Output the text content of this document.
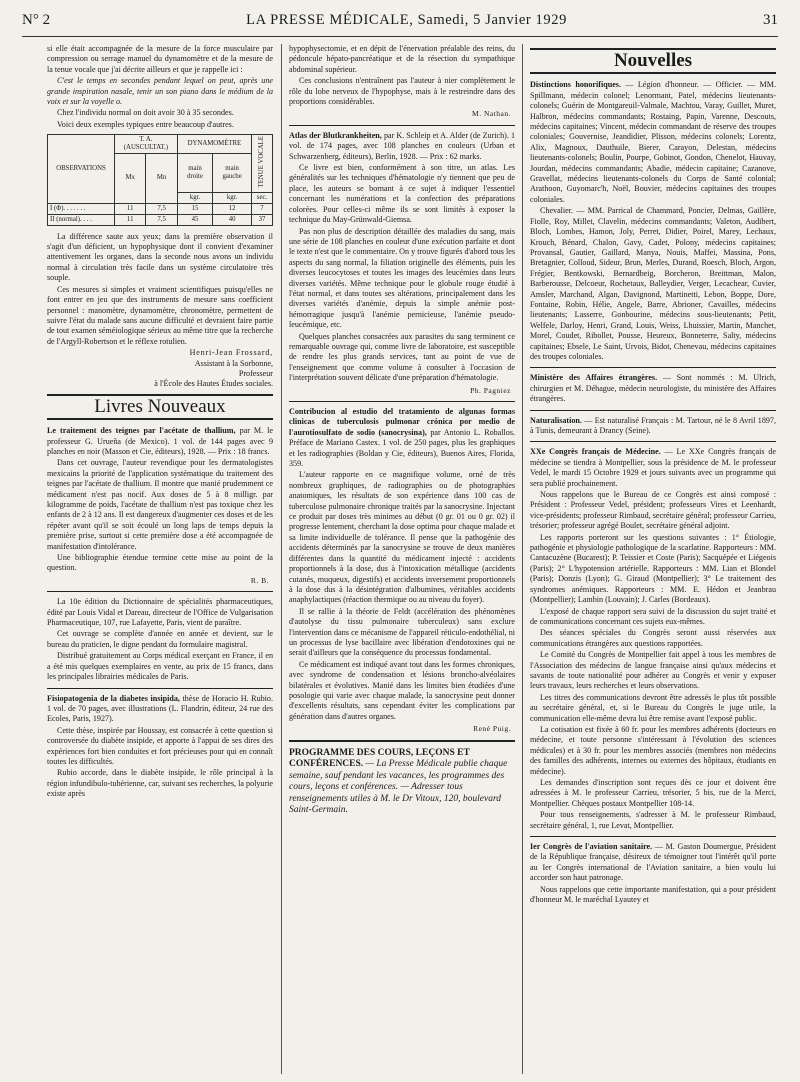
N° 2	LA PRESSE MÉDICALE, Samedi, 5 Janvier 1929	31

si elle était accompagnée de la mesure de la force musculaire par compression ou serrage manuel du dynamomètre et de la mesure de la tenue vocale que j'ai décrite ailleurs et que je rappelle ici :

C'est le temps en secondes pendant lequel on peut, après une grande inspiration nasale, tenir un son piano dans le médium de la voix et sur la voyelle o.

Chez l'individu normal on doit avoir 30 à 35 secondes.

Voici deux exemples typiques entre beaucoup d'autres.

OBSERVATIONS	T. A. (AUSCULTAT.)		DYNAMOMÈTRE		TENUE VOCALE
	Mx	Mn	main droite	main gauche	
			kgr.	kgr.	sec.
I (Φ). . . . . . .	11	7,5	15	12	7
II (normal). . . .	11	7,5	45	40	37

La différence saute aux yeux; dans la première observation il s'agit d'un déficient, un hypophysique dont il convient d'examiner attentivement les organes, dans la seconde nous avons un individu normal à circulation très facile dans un système circulatoire très souple.

Ces mesures si simples et vraiment scientifiques puisqu'elles ne font entrer en jeu que des instruments de mesure sans coefficient personnel : manomètre, dynamomètre, chronomètre, permettent de suivre l'état du malade sans aucune difficulté et devraient faire partie de tout examen séméiologique sérieux au même titre que la recherche de l'Argyll-Robertson et le réflexe rotulien.

Henri-Jean Frossard,
Assistant à la Sorbonne,
Professeur
à l'École des Hautes Études sociales.
Livres Nouveaux

Le traitement des teignes par l'acétate de thallium, par M. le professeur G. Urueña (de Mexico). 1 vol. de 144 pages avec 9 planches en noir (Masson et Cie, éditeurs), 1928. — Prix : 18 francs.

Dans cet ouvrage, l'auteur revendique pour les dermatologistes mexicains la priorité de l'application systématique du traitement des teignes par l'acétate de thallium. Il montre que manié prudemment ce médicament n'est pas nocif. Aux doses de 5 à 8 milligr. par kilogramme de poids, l'acétate de thallium n'est pas toxique chez les enfants de 2 à 12 ans. Il est dangereux d'augmenter ces doses et de les répéter avant qu'il se soit écoulé un long laps de temps depuis la première prise, surtout si cette première dose a été accompagnée de manifestation d'intolérance.

Une bibliographie étendue termine cette mise au point de la question.

R. B.

La 10e édition du Dictionnaire de spécialités pharmaceutiques, édité par Louis Vidal et Dareau, directeur de l'Office de Vulgarisation Pharmaceutique, 107, rue Lafayette, Paris, vient de paraître.

Cet ouvrage se complète d'année en année et devient, sur le bureau du praticien, le digne pendant du formulaire magistral.

Distribué gratuitement au Corps médical exerçant en France, il en a été mis quelques exemplaires en vente, au prix de 15 francs, dans les principales librairies médicales de Paris.

Fisiopatogenia de la diabetes insipida, thèse de Horacio H. Rubio. 1 vol. de 70 pages, avec illustrations (L. Flandrin, éditeur, 24 rue des Ecoles, Paris, 1927).

Cette thèse, inspirée par Houssay, est consacrée à cette question si controversée du diabète insipide, et apporte à l'appui de ses dires des expériences fort bien conduites et fort précieuses pour qui en connaît toutes les difficultés.

Rubio accorde, dans le diabète insipide, le rôle principal à la région infundibulo-tubérienne, car, suivant ses recherches, la polyurie existe après

hypophysectomie, et en dépit de l'énervation préalable des reins, du pédoncule hépato-pancréatique et de la résection du sympathique abdominal supérieur.

Ces conclusions n'entraînent pas l'auteur à nier complètement le rôle du lobe nerveux de l'hypophyse, mais à le restreindre dans des proportions considérables.

M. Nathan.

Atlas der Blutkrankheiten, par K. Schleip et A. Alder (de Zurich). 1 vol. de 174 pages, avec 108 planches en couleurs (Urban et Schwarzenberg, éditeurs), Berlin, 1928. — Prix : 62 marks.

Ce livre est bien, conformément à son titre, un atlas. Les généralités sur les techniques d'hématologie n'y tiennent que peu de place, les auteurs se bornant à ce sujet à indiquer l'essentiel concernant les numérations et la confection des préparations colorées. Pour celles-ci même ils se sont limités à exposer la technique du May-Grünwald-Giemsa.

Pas non plus de description détaillée des maladies du sang, mais une série de 108 planches en couleur d'une exécution parfaite et dont le texte n'est que le commentaire. On y trouve figurés d'abord tous les aspects du sang normal, la filiation originelle des éléments, puis les diverses leucocytoses et toutes les images des leucémies dans leurs diverses variétés. Même technique pour le globule rouge étudié à l'état normal, et dans toutes ses altérations, principalement dans les diverses variétés d'anémie, depuis la simple anémie post-hémorragique jusqu'à l'anémie pernicieuse, l'anémie pseudo-leucémique, etc.

Quelques planches consacrées aux parasites du sang terminent ce remarquable ouvrage qui, comme livre de laboratoire, est susceptible de rendre les plus grands services, tant au point de vue de l'enseignement que comme volume à consulter à l'occasion de l'interprétation souvent délicate d'une préparation d'hématologie.

Ph. Pagniez

Contribucion al estudio del tratamiento de algunas formas clinicas de tuberculosis pulmonar crónica por medio de l'aurotiosulfato de sodio (sanocrysina), par Antonio L. Roballos. Préface de Mariano Castex. 1 vol. de 250 pages, plus les graphiques et les radiographies (Boldan y Cie, éditeurs), Buenos Aires, Florida, 359.

L'auteur rapporte en ce magnifique volume, orné de très nombreux graphiques, de radiographies ou de photographies anatomiques, les résultats de son expérience dans 100 cas de tuberculose pulmonaire chronique traités par la sanocrysine. Injectant ce produit par doses très minimes au début (0 gr. 01 ou 0 gr. 02) il progresse lentement, cherchant la dose optima pour chaque malade et sa limite individuelle de tolérance. Il pense que la pathogénie des accidents déterminés par la sanocrysine se trouve de deux manières différentes dans la quantité du médicament injecté : accidents proportionnels à la dose, dus à l'intoxication métallique (accidents cutanés, muqueux, digestifs) et accidents inversement proportionnels à la dose dus à la désintégration d'albumines, véritables accidents anaphylactiques (réaction thermique ou au niveau du foyer).

Il se rallie à la théorie de Feldt (accélération des phénomènes d'autolyse du tissu pulmonaire tuberculeux) sans exclure l'intervention dans ce mécanisme de l'appareil réticulo-endothélial, ni un processus de lyse bacillaire avec libération d'endotoxines qui ne serait d'ailleurs que la conséquence du processus fondamental.

Ce médicament est indiqué avant tout dans les formes chroniques, avec syndrome de condensation et lésions broncho-alvéolaires bilatérales et évolutives. Manié dans les limites bien étudiées d'une posologie qui varie avec chaque malade, la sanocrysine peut donner d'excellents résultats, sans cependant éviter les complications par génération dans d'autres organes.

René Puig.
PROGRAMME DES COURS, LEÇONS ET CONFÉRENCES. — La Presse Médicale publie chaque semaine, sauf pendant les vacances, les programmes des cours, leçons et conférences. — Adresser tous renseignements utiles à M. le Dr Vitoux, 120, boulevard Saint-Germain.
Nouvelles

Distinctions honorifiques. — Légion d'honneur. — Officier. — MM. Spillmann, médecin colonel; Lenormant, Patel, médecins lieutenants-colonels; Guérin de Montgareuil-Valmale, Machtou, Varay, Guillet, Muret, Halbron, médecins commandants; Rostaing, Papin, Varenne, Descouts, médecins capitaines; Vincent, médecin commandant de réserve des troupes coloniales; Gouvernise, Jeandidier, Plisson, médecins colonels; Lorentz, Alix, Magnoux, Dauthuile, Bierer, Carayon, Delestan, médecins lieutenants-colonels; Boulin, Pourpe, Gobinot, Gondon, Chenelot, Hauvay, Jourdan, médecins commandants; Abadie, médecin capitaine; Cazanove, Gravellat, médecins lieutenants-colonels du Corps de Santé colonial; Arathoon, Guyomarc'h, Noël, Bouvier, médecins capitaines des troupes coloniales.

Chevalier. — MM. Parrical de Chammard, Poncier, Delmas, Gaillère, Fiolle, Roy, Millet, Clavelin, médecins commandants; Valeton, Audibert, Bloch, Lombes, Hamon, Joly, Perret, Didier, Poirel, Marey, Lechaux, Krouch, Bénard, Chalon, Gavy, Cadet, Polony, médecins capitaines; Provansal, Gautier, Gaillard, Manya, Nouis, Maffei, Massina, Pons, Bretagnier, Colloud, Sideur, Brun, Merles, Durand, Roesch, Bloch, Argon, Frégier, Bentkowski, Bernardbeig, Borcheron, Breittman, Malon, Barberousse, Delcoeur, Rochetaux, Balleydier, Verger, Lecachear, Cuvier, Amsler, Marchand, Algan, Davignond, Martinetti, Lebon, Boppe, Dore, Fontaine, Robin, Hélie, Angele, Barre, Abrioner, Cavailles, médecins lieutenants; Lasserre, Gonbourine, médecins sous-lieutenants; Petit, Welfele, Darloy, Henri, Grand, Louis, Weiss, Lhuissier, Martin, Manchet, Morel, Coudet, Ribollet, Pousse, Heureux, Bonneterre, Salty, médecins capitaines; Ebsele, Le Saint, Urvois, Bidot, Chenevau, médecins capitaines des troupes coloniales.

Ministère des Affaires étrangères. — Sont nommés : M. Ulrich, chirurgien et M. Déhague, médecin neurologiste, du ministère des Affaires étrangères.

Naturalisation. — Est naturalisé Français : M. Tartour, né le 8 Avril 1897, à Tunis, demeurant à Drancy (Seine).

XXe Congrès français de Médecine. — Le XXe Congrès français de médecine se tiendra à Montpellier, sous la présidence de M. le professeur Vedel, le mardi 15 Octobre 1929 et jours suivants avec un programme qui sera publié prochainement.

Nous rappelons que le Bureau de ce Congrès est ainsi composé : Président : Professeur Vedel, président; professeurs Vires et Leenhardt, vice-présidents; professeur Rimbaud, secrétaire général; professeur Carrieu, trésorier; professeur agrégé Boulet, secrétaire général adjoint.

Les rapports porteront sur les questions suivantes : 1° Étiologie, pathogénie et physiologie pathologique de la scarlatine. Rapporteurs : MM. Cantacuzène (Bucarest); P. Teissier et Coste (Paris); Sacquépée et Liégeois (Paris); 2° L'hypotension artérielle. Rapporteurs : MM. Lian et Blondel (Paris); Donzis (Lyon); G. Giraud (Montpellier); 3° Le traitement des syndromes anémiques. Rapporteurs : MM. E. Hédon et Jeanbrau (Montpellier); Lambin (Louvain); J. Carles (Bordeaux).

L'exposé de chaque rapport sera suivi de la discussion du sujet traité et de communications concernant ces sujets eux-mêmes.

Des séances spéciales du Congrès seront aussi réservées aux communications étrangères aux questions rapportées.

Le Comité du Congrès de Montpellier fait appel à tous les membres de l'Association des médecins de langue française ainsi qu'aux médecins et savants de toute nationalité pour adhérer au Congrès et venir y exposer leurs travaux, leurs recherches et leurs observations.

Les titres des communications devront être adressés le plus tôt possible au secrétaire général, et, si le Bureau du Congrès le juge utile, la communication elle-même devra lui être remise avant l'exposé public.

La cotisation est fixée à 60 fr. pour les membres adhérents (docteurs en médecine, et toute personne s'intéressant à l'évolution des sciences médicales) et à 30 fr. pour les membres associés (membres non médecins des familles des adhérents, internes ou externes des hôpitaux, étudiants en médecine).

Les demandes d'inscription sont reçues dès ce jour et doivent être adressées à M. le professeur Carrieu, trésorier, 5 bis, rue de la Merci, Montpellier. Chèques postaux Montpellier 108-14.

Pour tous renseignements, s'adresser à M. le professeur Rimbaud, secrétaire général, 1, rue Levat, Montpellier.

Ier Congrès de l'aviation sanitaire. — M. Gaston Doumergue, Président de la République française, désireux de témoigner tout l'intérêt qu'il porte au Ier Congrès international de l'Aviation sanitaire, a bien voulu lui accorder son haut patronage.

Nous rappelons que cette importante manifestation, qui a pour président d'honneur M. le maréchal Lyautey et
